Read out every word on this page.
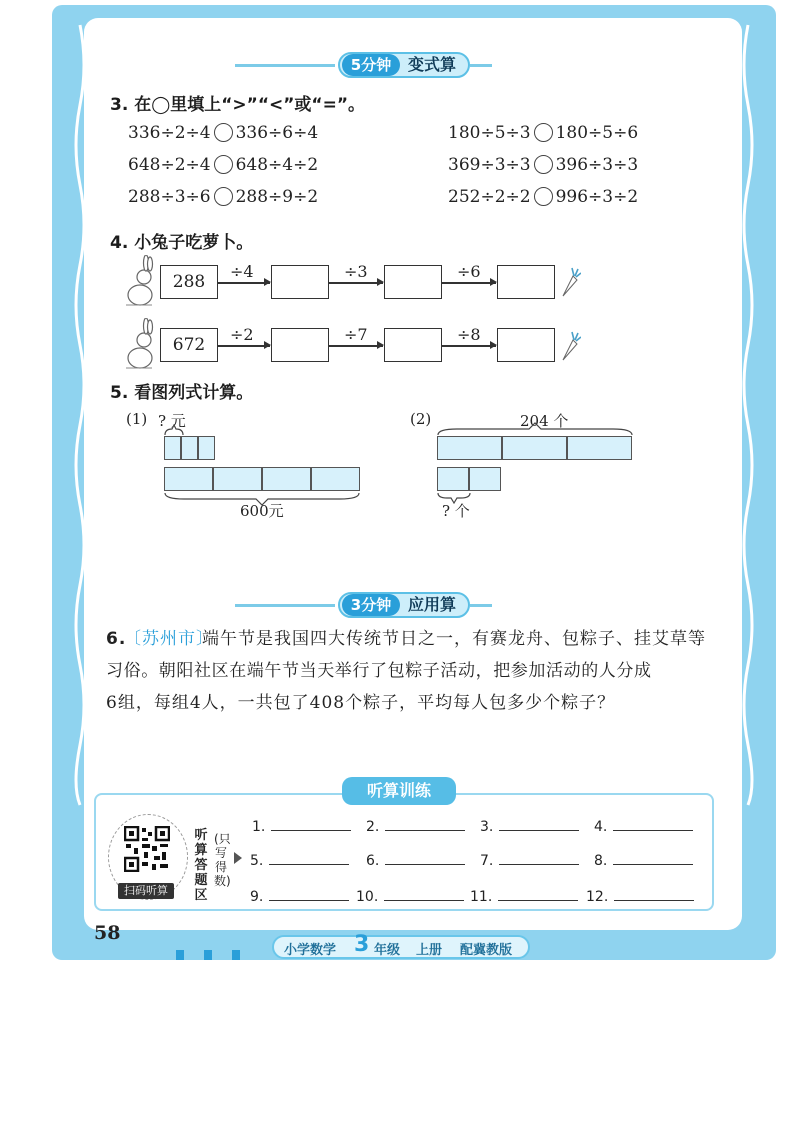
5分钟	变式算
3. 在◯里填上“>”“<”或“=”。
336÷2÷4 336÷6÷4	180÷5÷3 180÷5÷6
648÷2÷4 648÷4÷2	369÷3÷3 396÷3÷3
288÷3÷6 288÷9÷2	252÷2÷2 996÷3÷2
4. 小兔子吃萝卜。
288
÷4	÷3	÷6
672
÷2	÷7	÷8
5. 看图列式计算。
(1) ? 元
600元
(2)	204 个
? 个
3分钟	应用算
6.
〔苏州市〕
端午节是我国四大传统节日之一，有赛龙舟、包粽子、挂艾草等
习俗。朝阳社区在端午节当天举行了包粽子活动，把参加活动的人分成
6组，每组4人，一共包了408个粽子，平均每人包多少个粽子？
听算训练
扫码听算
听算答题区
(只写得数)
1.	2.	3.	4.
5.	6.	7.	8.
9.	10.	11.	12.
58
小学数学 3 年级 上册 配冀教版
